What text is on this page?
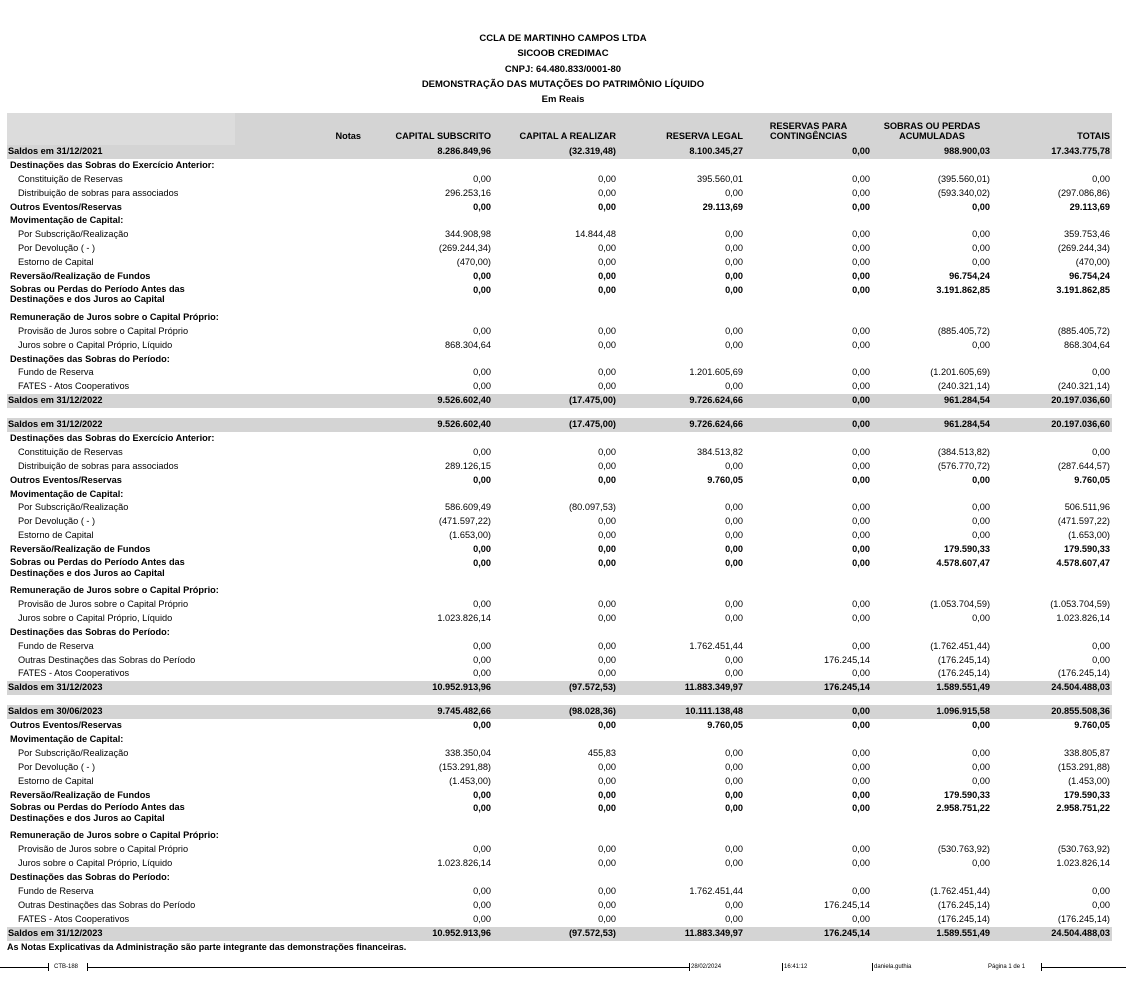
CCLA DE MARTINHO CAMPOS LTDA
SICOOB CREDIMAC
CNPJ: 64.480.833/0001-80
DEMONSTRAÇÃO DAS MUTAÇÕES DO PATRIMÔNIO LÍQUIDO
Em Reais
	Notas	CAPITAL SUBSCRITO	CAPITAL A REALIZAR	RESERVA LEGAL	RESERVAS PARA CONTINGÊNCIAS	SOBRAS OU PERDAS ACUMULADAS	TOTAIS
Saldos em 31/12/2021		8.286.849,96	(32.319,48)	8.100.345,27	0,00	988.900,03	17.343.775,78
Destinações das Sobras do Exercício Anterior:							
Constituição de Reservas		0,00	0,00	395.560,01	0,00	(395.560,01)	0,00
Distribuição de sobras para associados		296.253,16	0,00	0,00	0,00	(593.340,02)	(297.086,86)
Outros Eventos/Reservas		0,00	0,00	29.113,69	0,00	0,00	29.113,69
Movimentação de Capital:							
Por Subscrição/Realização		344.908,98	14.844,48	0,00	0,00	0,00	359.753,46
Por Devolução ( - )		(269.244,34)	0,00	0,00	0,00	0,00	(269.244,34)
Estorno de Capital		(470,00)	0,00	0,00	0,00	0,00	(470,00)
Reversão/Realização de Fundos		0,00	0,00	0,00	0,00	96.754,24	96.754,24
Sobras ou Perdas do Período Antes das Destinações e dos Juros ao Capital		0,00	0,00	0,00	0,00	3.191.862,85	3.191.862,85
Remuneração de Juros sobre o Capital Próprio:							
Provisão de Juros sobre o Capital Próprio		0,00	0,00	0,00	0,00	(885.405,72)	(885.405,72)
Juros sobre o Capital Próprio, Líquido		868.304,64	0,00	0,00	0,00	0,00	868.304,64
Destinações das Sobras do Período:							
Fundo de Reserva		0,00	0,00	1.201.605,69	0,00	(1.201.605,69)	0,00
FATES - Atos Cooperativos		0,00	0,00	0,00	0,00	(240.321,14)	(240.321,14)
Saldos em 31/12/2022		9.526.602,40	(17.475,00)	9.726.624,66	0,00	961.284,54	20.197.036,60

Saldos em 31/12/2022		9.526.602,40	(17.475,00)	9.726.624,66	0,00	961.284,54	20.197.036,60
Destinações das Sobras do Exercício Anterior:							
Constituição de Reservas		0,00	0,00	384.513,82	0,00	(384.513,82)	0,00
Distribuição de sobras para associados		289.126,15	0,00	0,00	0,00	(576.770,72)	(287.644,57)
Outros Eventos/Reservas		0,00	0,00	9.760,05	0,00	0,00	9.760,05
Movimentação de Capital:							
Por Subscrição/Realização		586.609,49	(80.097,53)	0,00	0,00	0,00	506.511,96
Por Devolução ( - )		(471.597,22)	0,00	0,00	0,00	0,00	(471.597,22)
Estorno de Capital		(1.653,00)	0,00	0,00	0,00	0,00	(1.653,00)
Reversão/Realização de Fundos		0,00	0,00	0,00	0,00	179.590,33	179.590,33
Sobras ou Perdas do Período Antes das Destinações e dos Juros ao Capital		0,00	0,00	0,00	0,00	4.578.607,47	4.578.607,47
Remuneração de Juros sobre o Capital Próprio:							
Provisão de Juros sobre o Capital Próprio		0,00	0,00	0,00	0,00	(1.053.704,59)	(1.053.704,59)
Juros sobre o Capital Próprio, Líquido		1.023.826,14	0,00	0,00	0,00	0,00	1.023.826,14
Destinações das Sobras do Período:							
Fundo de Reserva		0,00	0,00	1.762.451,44	0,00	(1.762.451,44)	0,00
Outras Destinações das Sobras do Período		0,00	0,00	0,00	176.245,14	(176.245,14)	0,00
FATES - Atos Cooperativos		0,00	0,00	0,00	0,00	(176.245,14)	(176.245,14)
Saldos em 31/12/2023		10.952.913,96	(97.572,53)	11.883.349,97	176.245,14	1.589.551,49	24.504.488,03

Saldos em 30/06/2023		9.745.482,66	(98.028,36)	10.111.138,48	0,00	1.096.915,58	20.855.508,36
Outros Eventos/Reservas		0,00	0,00	9.760,05	0,00	0,00	9.760,05
Movimentação de Capital:							
Por Subscrição/Realização		338.350,04	455,83	0,00	0,00	0,00	338.805,87
Por Devolução ( - )		(153.291,88)	0,00	0,00	0,00	0,00	(153.291,88)
Estorno de Capital		(1.453,00)	0,00	0,00	0,00	0,00	(1.453,00)
Reversão/Realização de Fundos		0,00	0,00	0,00	0,00	179.590,33	179.590,33
Sobras ou Perdas do Período Antes das Destinações e dos Juros ao Capital		0,00	0,00	0,00	0,00	2.958.751,22	2.958.751,22
Remuneração de Juros sobre o Capital Próprio:							
Provisão de Juros sobre o Capital Próprio		0,00	0,00	0,00	0,00	(530.763,92)	(530.763,92)
Juros sobre o Capital Próprio, Líquido		1.023.826,14	0,00	0,00	0,00	0,00	1.023.826,14
Destinações das Sobras do Período:							
Fundo de Reserva		0,00	0,00	1.762.451,44	0,00	(1.762.451,44)	0,00
Outras Destinações das Sobras do Período		0,00	0,00	0,00	176.245,14	(176.245,14)	0,00
FATES - Atos Cooperativos		0,00	0,00	0,00	0,00	(176.245,14)	(176.245,14)
Saldos em 31/12/2023		10.952.913,96	(97.572,53)	11.883.349,97	176.245,14	1.589.551,49	24.504.488,03
As Notas Explicativas da Administração são parte integrante das demonstrações financeiras.
CTB-188	28/02/2024	16:41:12	daniela.guthia	Página 1 de 1
